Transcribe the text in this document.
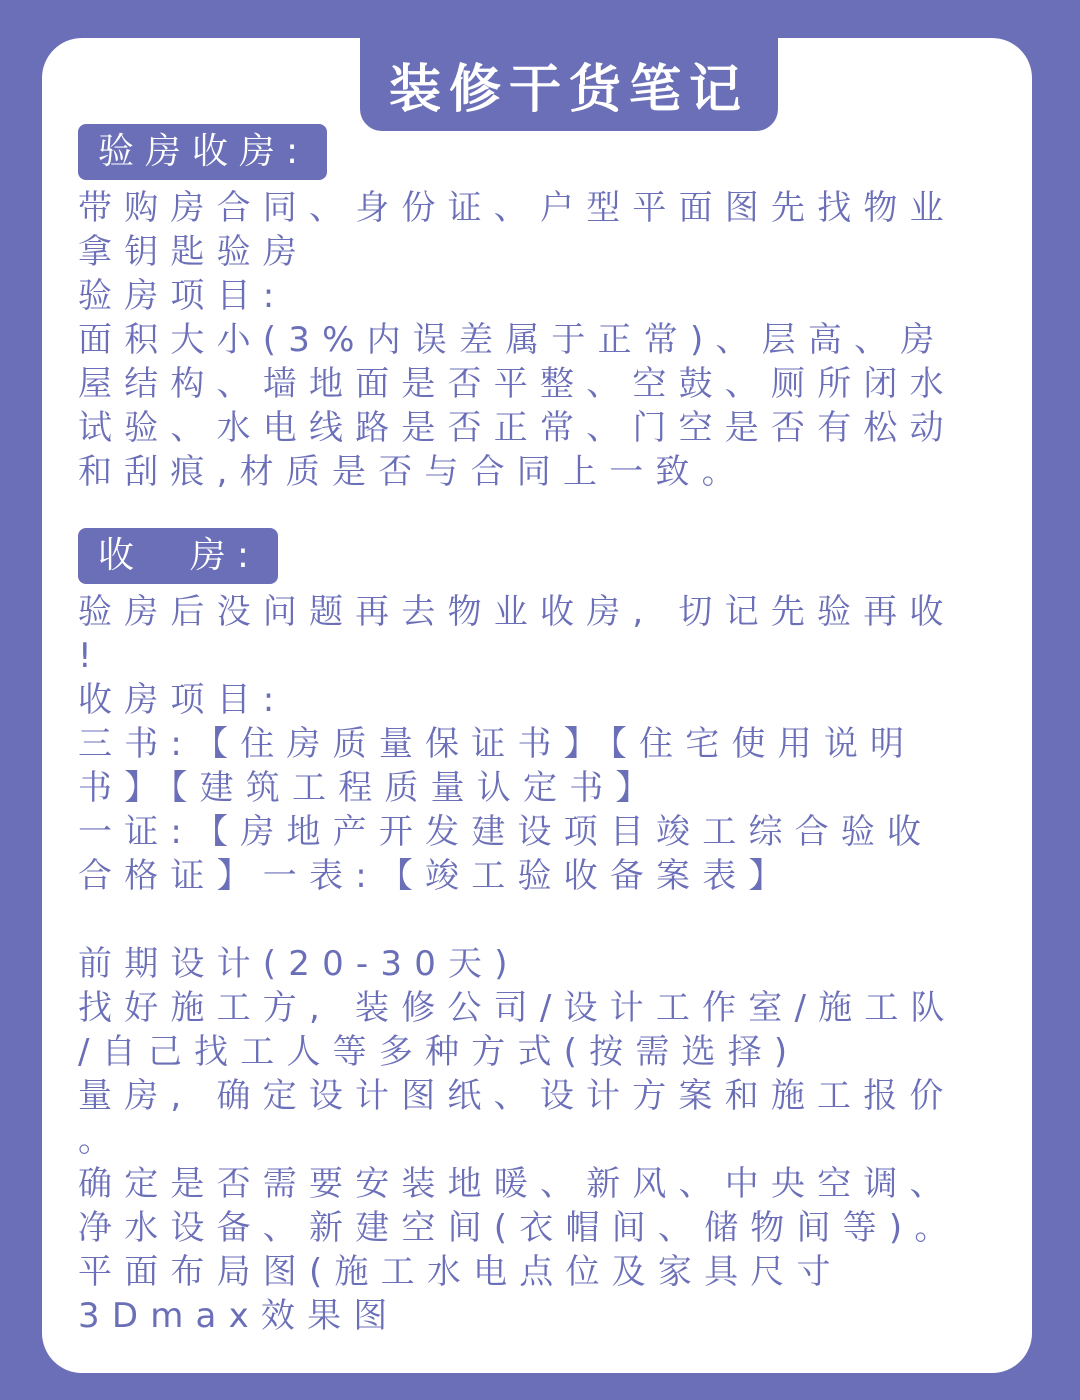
装修干货笔记
验房收房:
带购房合同、身份证、户型平面图先找物业
拿钥匙验房
验房项目:
面积大小(3%内误差属于正常)、层高、房
屋结构、墙地面是否平整、空鼓、厕所闭水
试验、水电线路是否正常、门空是否有松动
和刮痕,材质是否与合同上一致。
收  房:
验房后没问题再去物业收房, 切记先验再收
!
收房项目:
三书:【住房质量保证书】【住宅使用说明
书】【建筑工程质量认定书】
一证:【房地产开发建设项目竣工综合验收
合格证】一表:【竣工验收备案表】
前期设计(20-30天)
找好施工方, 装修公司/设计工作室/施工队
/自己找工人等多种方式(按需选择)
量房, 确定设计图纸、设计方案和施工报价
。
确定是否需要安装地暖、新风、中央空调、
净水设备、新建空间(衣帽间、储物间等)。
平面布局图(施工水电点位及家具尺寸
3Dmax效果图
